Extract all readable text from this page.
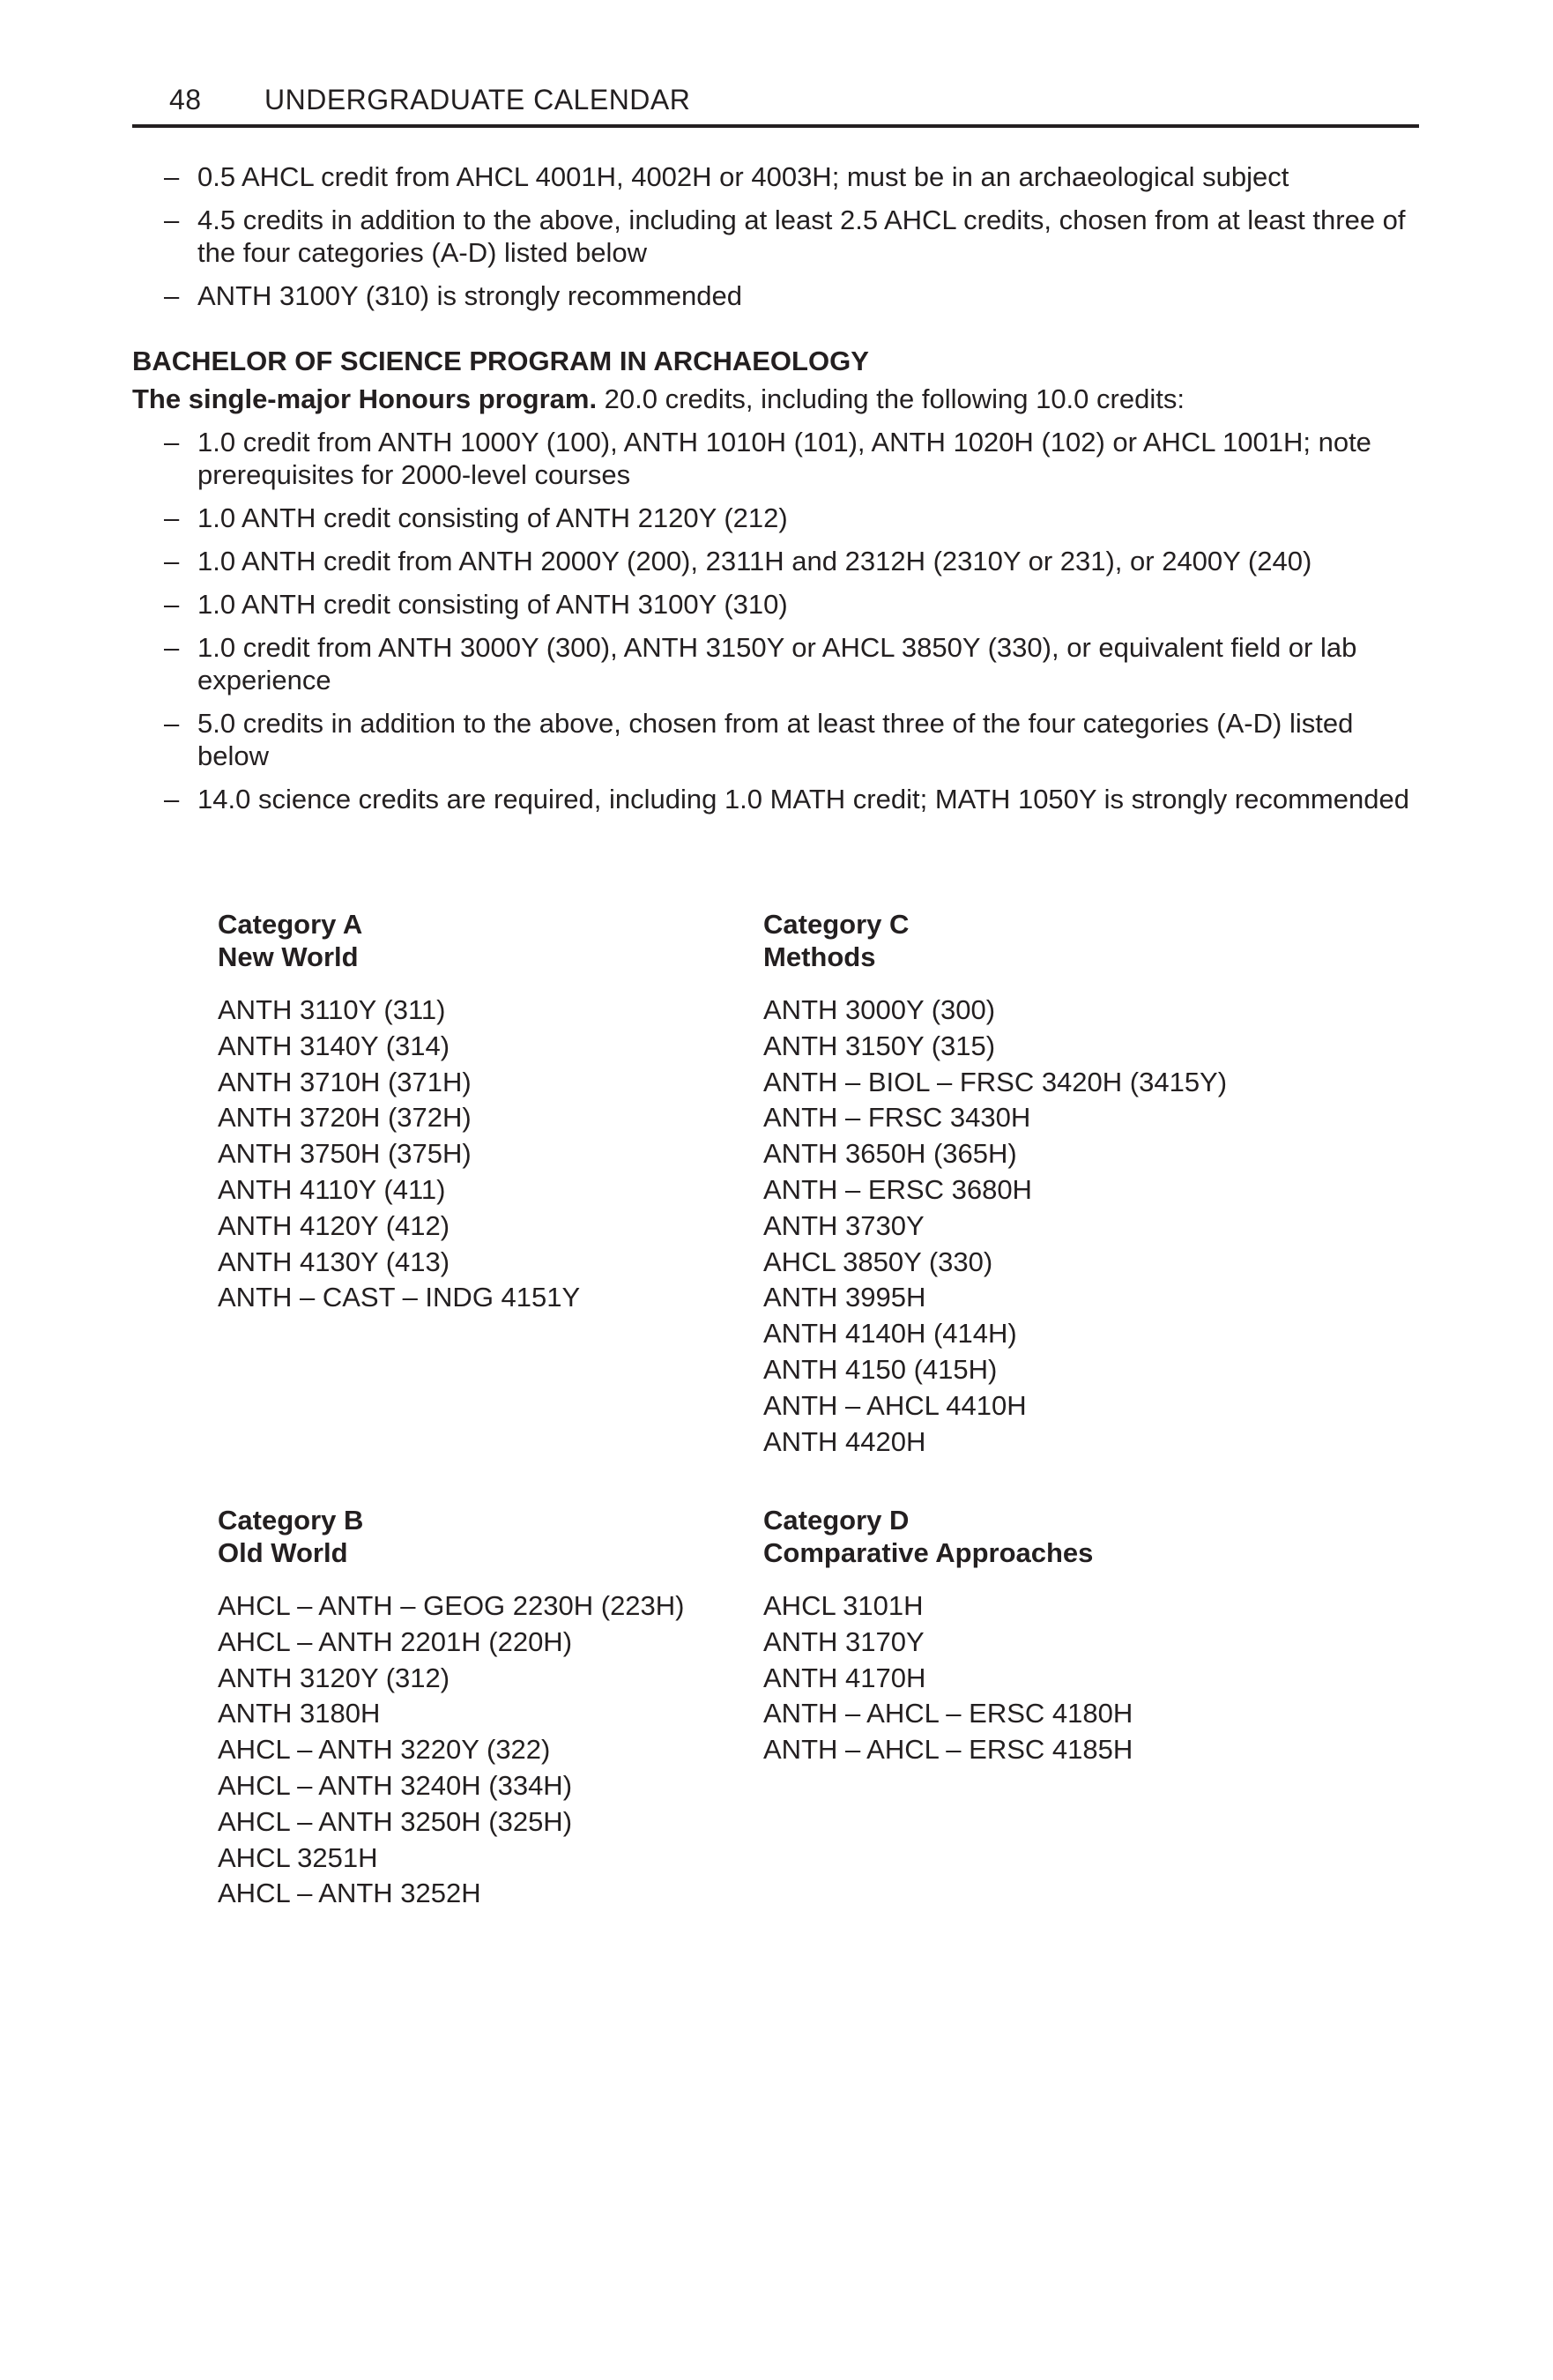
48 UNDERGRADUATE CALENDAR
– 0.5 AHCL credit from AHCL 4001H, 4002H or 4003H; must be in an archaeological subject
– 4.5 credits in addition to the above, including at least 2.5 AHCL credits, chosen from at least three of the four categories (A-D) listed below
– ANTH 3100Y (310) is strongly recommended
BACHELOR OF SCIENCE PROGRAM IN ARCHAEOLOGY
The single-major Honours program. 20.0 credits, including the following 10.0 credits:
– 1.0 credit from ANTH 1000Y (100), ANTH 1010H (101), ANTH 1020H (102) or AHCL 1001H; note prerequisites for 2000-level courses
– 1.0 ANTH credit consisting of ANTH 2120Y (212)
– 1.0 ANTH credit from ANTH 2000Y (200), 2311H and 2312H (2310Y or 231), or 2400Y (240)
– 1.0 ANTH credit consisting of ANTH 3100Y (310)
– 1.0 credit from ANTH 3000Y (300), ANTH 3150Y or AHCL 3850Y (330), or equivalent field or lab experience
– 5.0 credits in addition to the above, chosen from at least three of the four categories (A-D) listed below
– 14.0 science credits are required, including 1.0 MATH credit; MATH 1050Y is strongly recommended
Category A
New World
ANTH 3110Y (311)
ANTH 3140Y (314)
ANTH 3710H (371H)
ANTH 3720H (372H)
ANTH 3750H (375H)
ANTH 4110Y (411)
ANTH 4120Y (412)
ANTH 4130Y (413)
ANTH – CAST – INDG 4151Y
Category C
Methods
ANTH 3000Y (300)
ANTH 3150Y (315)
ANTH – BIOL – FRSC 3420H (3415Y)
ANTH – FRSC 3430H
ANTH 3650H (365H)
ANTH – ERSC 3680H
ANTH 3730Y
AHCL 3850Y (330)
ANTH 3995H
ANTH 4140H (414H)
ANTH 4150 (415H)
ANTH – AHCL 4410H
ANTH 4420H
Category B
Old World
AHCL – ANTH – GEOG 2230H (223H)
AHCL – ANTH 2201H (220H)
ANTH 3120Y (312)
ANTH 3180H
AHCL – ANTH 3220Y (322)
AHCL – ANTH 3240H (334H)
AHCL – ANTH 3250H (325H)
AHCL 3251H
AHCL – ANTH 3252H
Category D
Comparative Approaches
AHCL 3101H
ANTH 3170Y
ANTH 4170H
ANTH – AHCL – ERSC 4180H
ANTH – AHCL – ERSC 4185H
